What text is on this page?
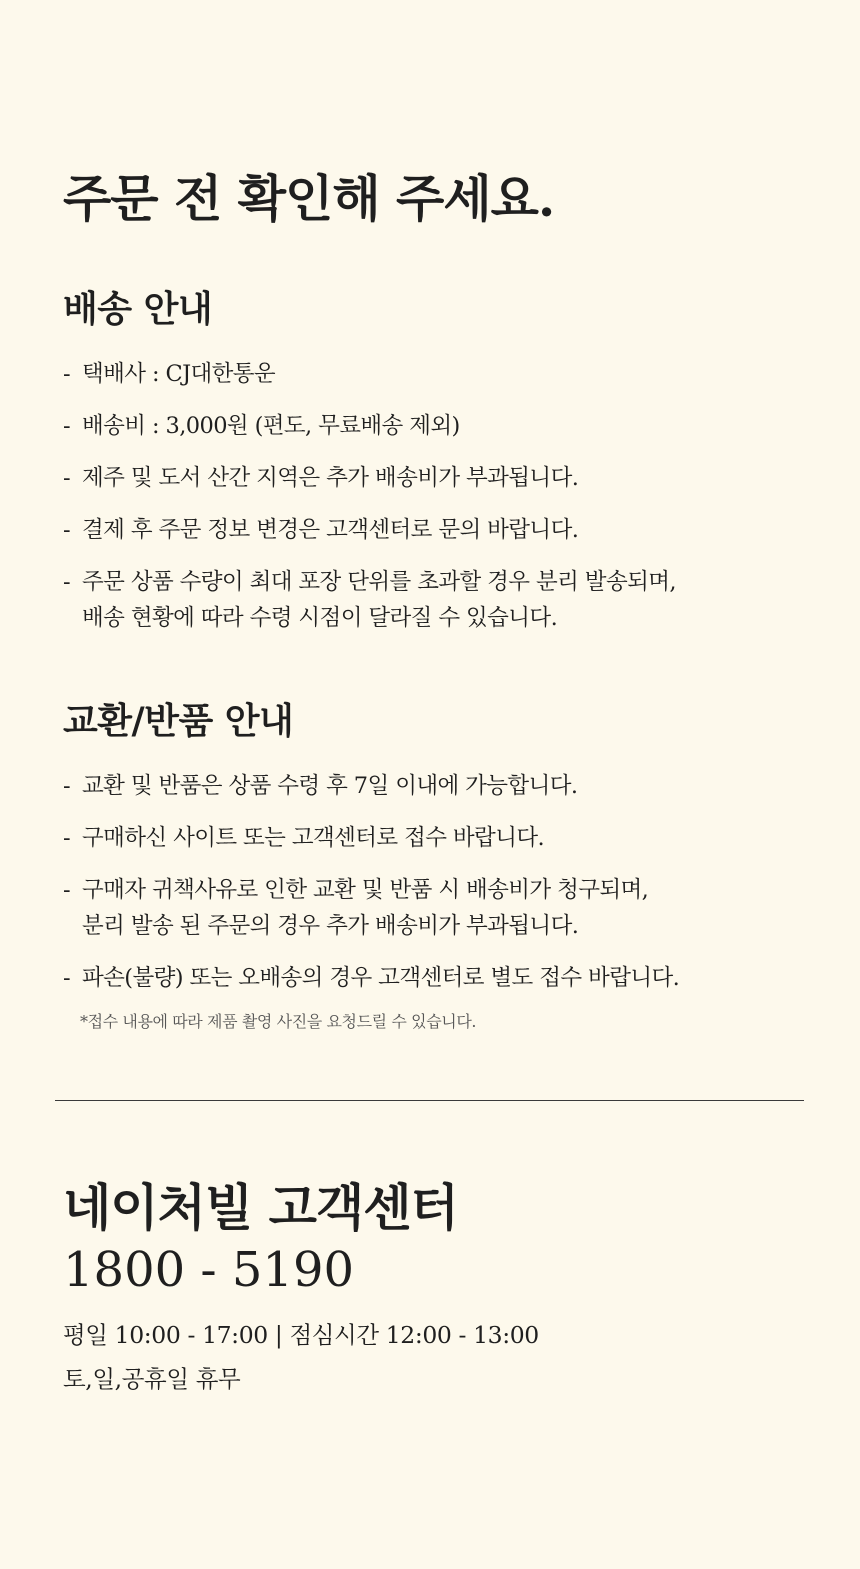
주문 전 확인해 주세요.
배송 안내
- 택배사 : CJ대한통운
- 배송비 : 3,000원 (편도, 무료배송 제외)
- 제주 및 도서 산간 지역은 추가 배송비가 부과됩니다.
- 결제 후 주문 정보 변경은 고객센터로 문의 바랍니다.
- 주문 상품 수량이 최대 포장 단위를 초과할 경우 분리 발송되며,
배송 현황에 따라 수령 시점이 달라질 수 있습니다.
교환/반품 안내
- 교환 및 반품은 상품 수령 후 7일 이내에 가능합니다.
- 구매하신 사이트 또는 고객센터로 접수 바랍니다.
- 구매자 귀책사유로 인한 교환 및 반품 시 배송비가 청구되며,
분리 발송 된 주문의 경우 추가 배송비가 부과됩니다.
- 파손(불량) 또는 오배송의 경우 고객센터로 별도 접수 바랍니다.
*접수 내용에 따라 제품 촬영 사진을 요청드릴 수 있습니다.
네이처빌 고객센터
1800 - 5190
평일 10:00 - 17:00 | 점심시간 12:00 - 13:00
토,일,공휴일 휴무
